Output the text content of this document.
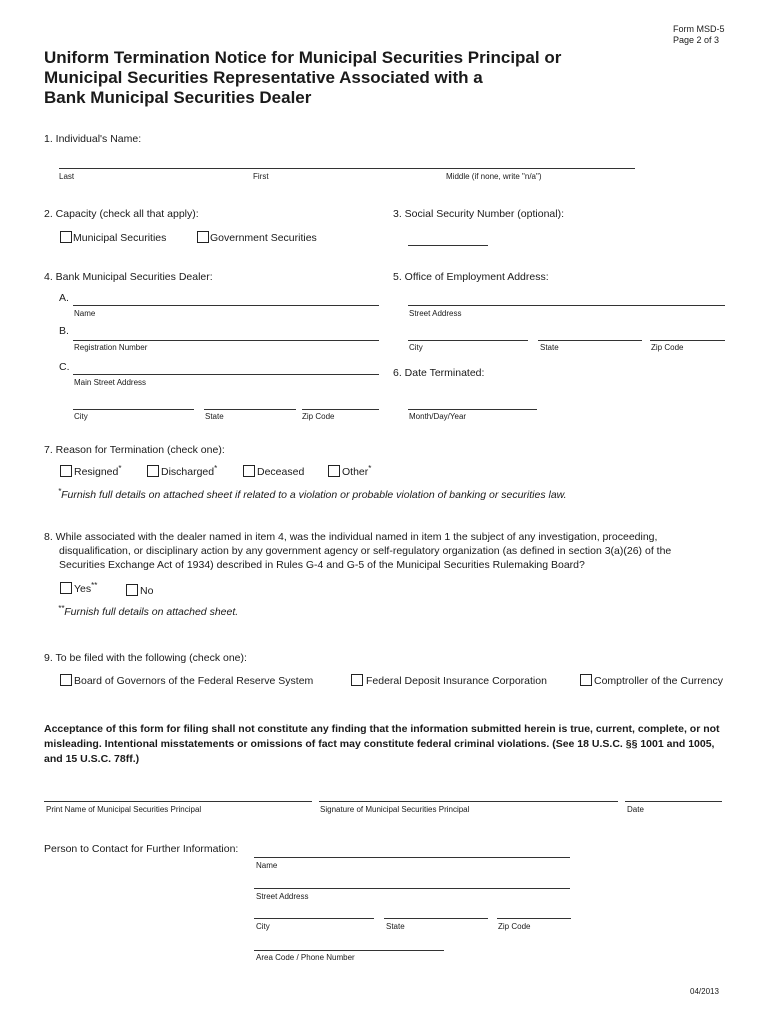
Form MSD-5
Page 2 of 3
Uniform Termination Notice for Municipal Securities Principal or
Municipal Securities Representative Associated with a
Bank Municipal Securities Dealer
1. Individual's Name:
Last	First	Middle (if none, write "n/a")
2. Capacity (check all that apply):
Municipal Securities	Government Securities
3. Social Security Number (optional):
4. Bank Municipal Securities Dealer:
A.
Name
B.
Registration Number
C.
Main Street Address
City	State	Zip Code
5. Office of Employment Address:
Street Address
City	State	Zip Code
6. Date Terminated:
Month/Day/Year
7. Reason for Termination (check one):
Resigned*	Discharged*	Deceased	Other*
*Furnish full details on attached sheet if related to a violation or probable violation of banking or securities law.
8. While associated with the dealer named in item 4, was the individual named in item 1 the subject of any investigation, proceeding,
disqualification, or disciplinary action by any government agency or self-regulatory organization (as defined in section 3(a)(26) of the
Securities Exchange Act of 1934) described in Rules G-4 and G-5 of the Municipal Securities Rulemaking Board?
Yes**	No
**Furnish full details on attached sheet.
9. To be filed with the following (check one):
Board of Governors of the Federal Reserve System	Federal Deposit Insurance Corporation	Comptroller of the Currency
Acceptance of this form for filing shall not constitute any finding that the information submitted herein is true, current, complete, or not misleading. Intentional misstatements or omissions of fact may constitute federal criminal violations. (See 18 U.S.C. §§ 1001 and 1005, and 15 U.S.C. 78ff.)
Print Name of Municipal Securities Principal	Signature of Municipal Securities Principal	Date
Person to Contact for Further Information:
Name
Street Address
City	State	Zip Code
Area Code / Phone Number
04/2013
